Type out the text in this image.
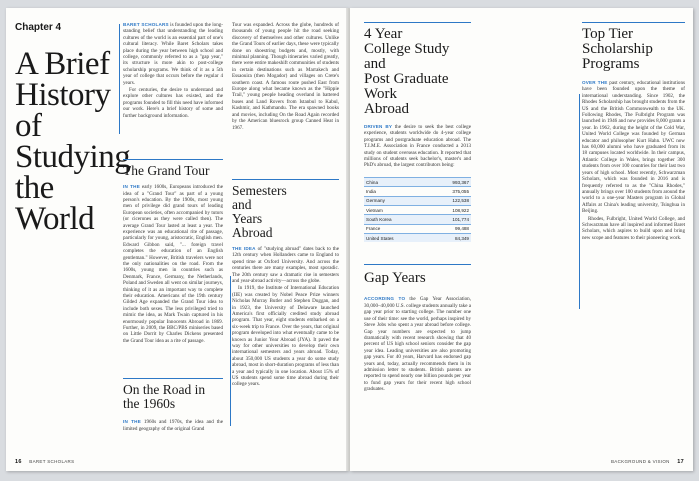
Chapter 4
A Brief
History of
Studying
the World

BARET SCHOLARS is founded upon the long-standing belief that understanding the leading cultures of the world is an essential part of one's cultural literacy. While Baret Scholars takes place during the year between high school and college, commonly referred to as a "gap year," its structure is more akin to post-college scholarship programs. We think of it as a 5th year of college that occurs before the regular 4 years.

For centuries, the desire to understand and explore other cultures has existed, and the programs founded to fill this need have informed our work. Here's a brief history of some and further background information.

The Grand Tour

IN THE early 1600s, Europeans introduced the idea of a "Grand Tour" as part of a young person's education. By the 1900s, most young men of privilege did grand tours of leading European societies, often accompanied by tutors (or cicerones as they were called then). The average Grand Tour lasted at least a year. The experience was an educational rite of passage, particularly for young, aristocratic, English men. Edward Gibbon said, "... foreign travel completes the education of an English gentleman." However, British travelers were not the only nationalities on the road. From the 1600s, young men in countries such as Denmark, France, Germany, the Netherlands, Poland and Sweden all went on similar journeys, thinking of it as an important way to complete their education. Americans of the 19th century Gilded Age expanded the Grand Tour idea to include both sexes. The less privileged tried to mimic the idea, as Mark Twain captured in his enormously popular Innocents Abroad in 1869. Further, in 2009, the BBC/PBS miniseries based on Little Dorrit by Charles Dickens presented the Grand Tour idea as a rite of passage.

On the Road in
the 1960s

IN THE 1960s and 1970s, the idea and the limited geography of the original Grand

Tour was expanded. Across the globe, hundreds of thousands of young people hit the road seeking discovery of themselves and other cultures. Unlike the Grand Tours of earlier days, these were typically done on shoestring budgets and, mostly, with minimal planning. Though itineraries varied greatly, there were entire makeshift communities of students in certain destinations such as Marrakech and Essaouira (then Mogador) and villages on Crete's southern coast. A famous route pushed East from Europe along what became known as the "Hippie Trail," young people heading overland in battered buses and Land Rovers from Istanbul to Kabul, Kashmir, and Kathmandu. The era spawned books and movies, including On the Road Again recorded by the American bluesrock group Canned Heat in 1967.

Semesters
and
Years
Abroad

THE IDEA of "studying abroad" dates back to the 12th century when Hollanders came to England to spend time at Oxford University. And across the centuries there are many examples, most sporadic. The 20th century saw a dramatic rise in semesters and year-abroad activity—across the globe.

In 1919, the Institute of International Education (IIE) was created by Nobel Peace Prize winners Nicholas Murray Butler and Stephen Duggan, and in 1923, the University of Delaware launched America's first officially credited study abroad program. That year, eight students embarked on a six-week trip to France. Over the years, that original program developed into what eventually came to be known as Junior Year Abroad (JYA). It paved the way for other universities to develop their own international semesters and years abroad. Today, about 350,000 US students a year do some study abroad, most in short-duration programs of less than a year and typically in one location. About 15% of US students spend some time abroad during their college years.

16 BARET SCHOLARS
4 Year
College Study
and
Post Graduate
Work
Abroad

DRIVEN BY the desire to seek the best college experience, students worldwide do 4-year college programs and postgraduate education abroad. The T.I.M.E. Association in France conducted a 2013 study on student overseas education. It reported that millions of students seek bachelor's, master's and PhD's abroad, the largest contributors being:

China	993,367
India	375,055
Germany	122,538
Vietnam	108,922
South Korea	101,774
France	99,488
United States	84,349
Gap Years

ACCORDING TO the Gap Year Association, 30,000–40,000 U.S. college students annually take a gap year prior to starting college. The number one use of their time: see the world, perhaps inspired by Steve Jobs who spent a year abroad before college. Gap year numbers are expected to jump dramatically with recent research showing that 40 percent of US high school seniors consider the gap year idea. Leading universities are also promoting gap years. For 40 years, Harvard has endorsed gap years and, today, actually recommends them in its admission letter to students. British parents are reported to spend nearly one billion pounds per year to fund gap years for their recent high school graduates.

Top Tier
Scholarship
Programs

OVER THE past century, educational institutions have been founded upon the theme of international understanding. Since 1902, the Rhodes Scholarship has brought students from the US and the British Commonwealth to the UK. Following Rhodes, The Fulbright Program was launched in 1946 and now provides 8,000 grants a year. In 1962, during the height of the Cold War, United World College was founded by German educator and philosopher Kurt Hahn. UWC now has 60,000 alumni who have graduated from its 18 campuses located worldwide. In their campus, Atlantic College in Wales, brings together 300 students from over 100 countries for their last two years of high school. Most recently, Schwarzman Scholars, which was founded in 2016 and is frequently referred to as the "China Rhodes," annually brings over 100 students from around the world to a one-year Masters program in Global Affairs at China's leading university, Tsinghua in Beijing.

Rhodes, Fulbright, United World College, and Schwarzman have all inspired and informed Baret Scholars, which aspires to build upon and bring new scope and features to their pioneering work.

BACKGROUND & VISION 17
